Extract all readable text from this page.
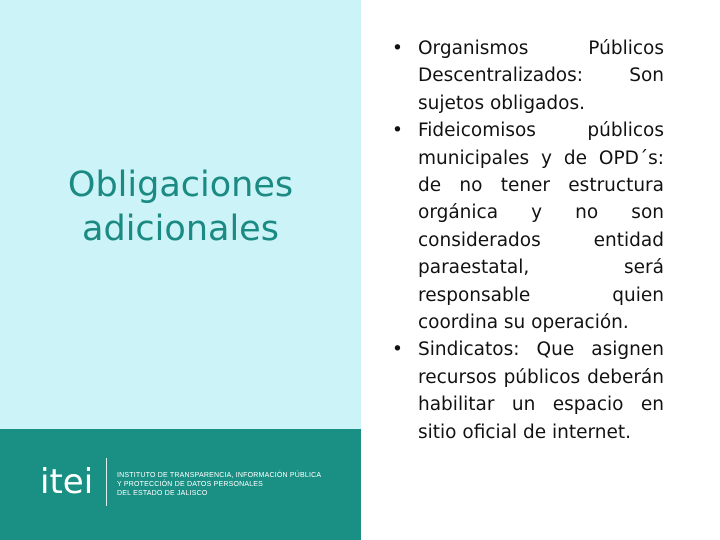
Obligaciones
adicionales
itei	INSTITUTO DE TRANSPARENCIA, INFORMACIÓN PÚBLICA
Y PROTECCIÓN DE DATOS PERSONALES
DEL ESTADO DE JALISCO
• Organismos Públicos Descentralizados: Son sujetos obligados.
• Fideicomisos públicos municipales y de OPD´s: de no tener estructura orgánica y no son considerados entidad paraestatal, será responsable quien coordina su operación.
• Sindicatos: Que asignen recursos públicos deberán habilitar un espacio en sitio oficial de internet.
